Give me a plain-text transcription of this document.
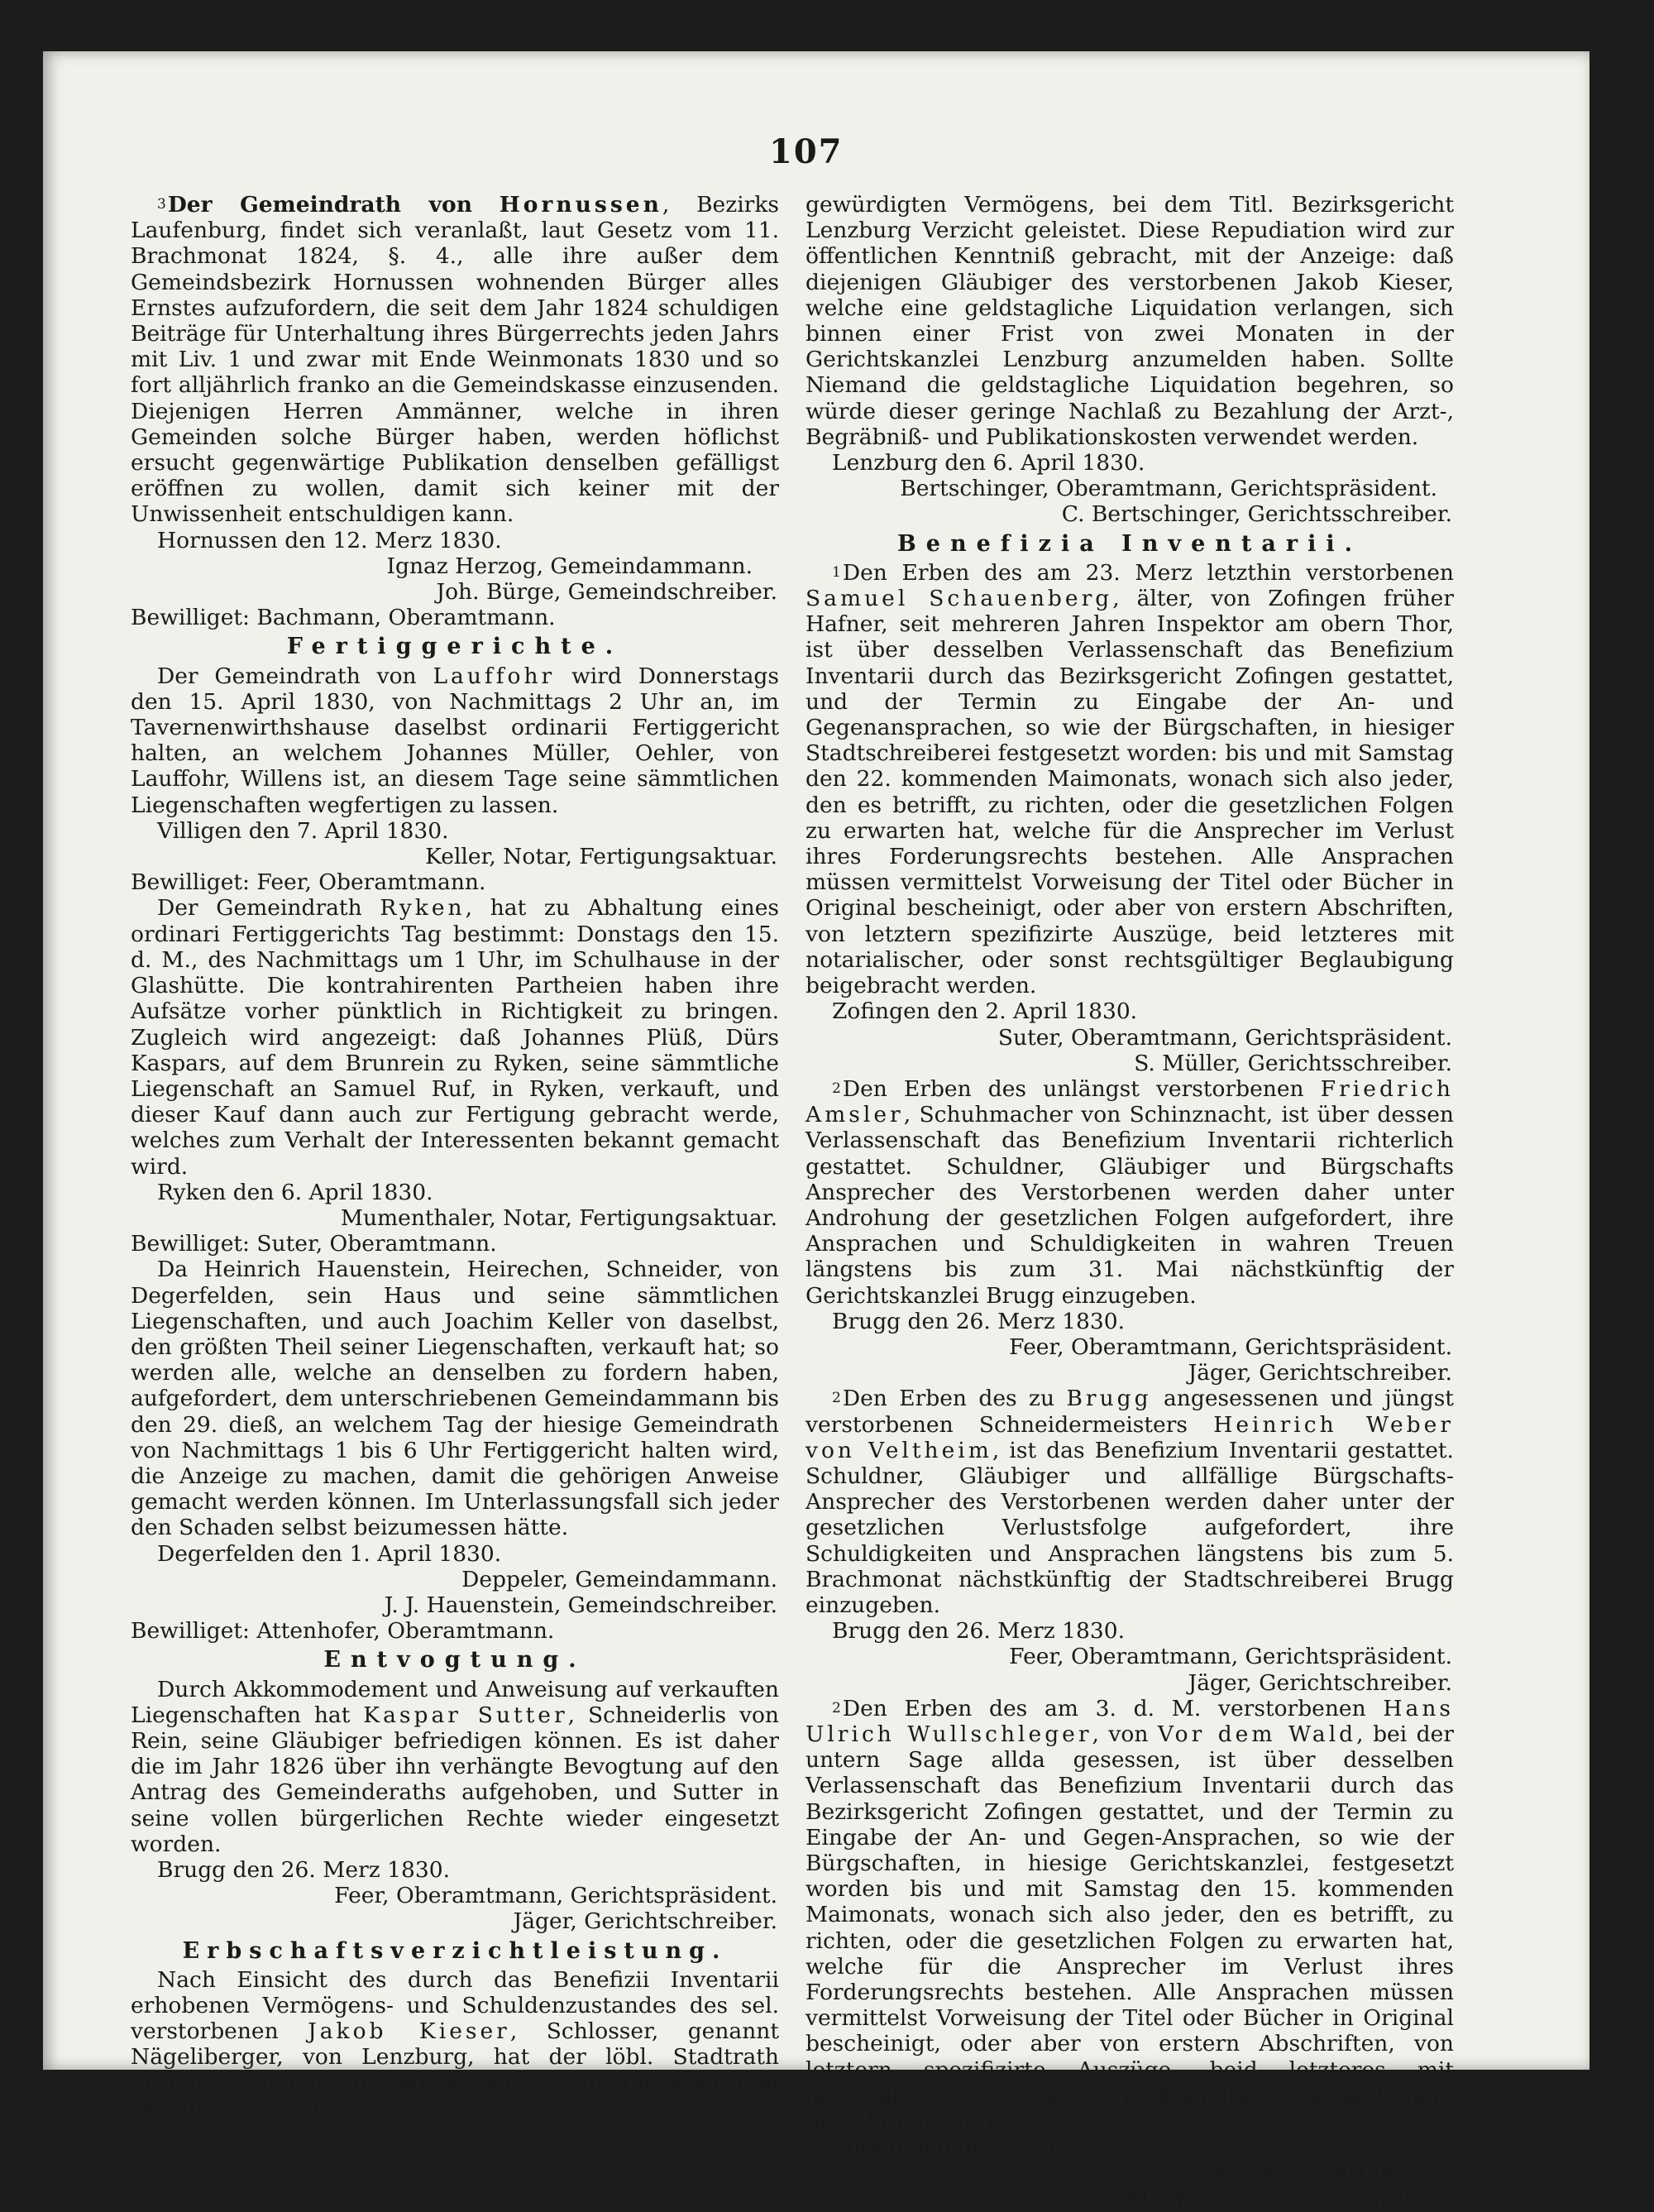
107

$^3$Der Gemeindrath von Hornussen, Bezirks Laufenburg, findet sich veranlaßt, laut Gesetz vom 11. Brachmonat 1824, §. 4., alle ihre außer dem Gemeindsbezirk Hornussen wohnenden Bürger alles Ernstes aufzufordern, die seit dem Jahr 1824 schuldigen Beiträge für Unterhaltung ihres Bürgerrechts jeden Jahrs mit Liv. 1 und zwar mit Ende Weinmonats 1830 und so fort alljährlich franko an die Gemeindskasse einzusenden. Diejenigen Herren Ammänner, welche in ihren Gemeinden solche Bürger haben, werden höflichst ersucht gegenwärtige Publikation denselben gefälligst eröffnen zu wollen, damit sich keiner mit der Unwissenheit entschuldigen kann.

Hornussen den 12. Merz 1830.

Ignaz Herzog, Gemeindammann.

Joh. Bürge, Gemeindschreiber.

Bewilliget: Bachmann, Oberamtmann.

Fertiggerichte.

Der Gemeindrath von Lauffohr wird Donnerstags den 15. April 1830, von Nachmittags 2 Uhr an, im Tavernenwirthshause daselbst ordinarii Fertiggericht halten, an welchem Johannes Müller, Oehler, von Lauffohr, Willens ist, an diesem Tage seine sämmtlichen Liegenschaften wegfertigen zu lassen.

Villigen den 7. April 1830.

Keller, Notar, Fertigungsaktuar.

Bewilliget: Feer, Oberamtmann.

Der Gemeindrath Ryken, hat zu Abhaltung eines ordinari Fertiggerichts Tag bestimmt: Donstags den 15. d. M., des Nachmittags um 1 Uhr, im Schulhause in der Glashütte. Die kontrahirenten Partheien haben ihre Aufsätze vorher pünktlich in Richtigkeit zu bringen. Zugleich wird angezeigt: daß Johannes Plüß, Dürs Kaspars, auf dem Brunrein zu Ryken, seine sämmtliche Liegenschaft an Samuel Ruf, in Ryken, verkauft, und dieser Kauf dann auch zur Fertigung gebracht werde, welches zum Verhalt der Interessenten bekannt gemacht wird.

Ryken den 6. April 1830.

Mumenthaler, Notar, Fertigungsaktuar.

Bewilliget: Suter, Oberamtmann.

Da Heinrich Hauenstein, Heirechen, Schneider, von Degerfelden, sein Haus und seine sämmtlichen Liegenschaften, und auch Joachim Keller von daselbst, den größten Theil seiner Liegenschaften, verkauft hat; so werden alle, welche an denselben zu fordern haben, aufgefordert, dem unterschriebenen Gemeindammann bis den 29. dieß, an welchem Tag der hiesige Gemeindrath von Nachmittags 1 bis 6 Uhr Fertiggericht halten wird, die Anzeige zu machen, damit die gehörigen Anweise gemacht werden können. Im Unterlassungsfall sich jeder den Schaden selbst beizumessen hätte.

Degerfelden den 1. April 1830.

Deppeler, Gemeindammann.

J. J. Hauenstein, Gemeindschreiber.

Bewilliget: Attenhofer, Oberamtmann.

Entvogtung.

Durch Akkommodement und Anweisung auf verkauften Liegenschaften hat Kaspar Sutter, Schneiderlis von Rein, seine Gläubiger befriedigen können. Es ist daher die im Jahr 1826 über ihn verhängte Bevogtung auf den Antrag des Gemeinderaths aufgehoben, und Sutter in seine vollen bürgerlichen Rechte wieder eingesetzt worden.

Brugg den 26. Merz 1830.

Feer, Oberamtmann, Gerichtspräsident.

Jäger, Gerichtschreiber.

Erbschaftsverzichtleistung.

Nach Einsicht des durch das Benefizii Inventarii erhobenen Vermögens- und Schuldenzustandes des sel. verstorbenen Jakob Kieser, Schlosser, genannt Nägeliberger, von Lenzburg, hat der löbl. Stadtrath daselbst, Namens der Wittwe Kieser, auf die Beerbung des auf Fr. 25, Btz. 5,

gewürdigten Vermögens, bei dem Titl. Bezirksgericht Lenzburg Verzicht geleistet. Diese Repudiation wird zur öffentlichen Kenntniß gebracht, mit der Anzeige: daß diejenigen Gläubiger des verstorbenen Jakob Kieser, welche eine geldstagliche Liquidation verlangen, sich binnen einer Frist von zwei Monaten in der Gerichtskanzlei Lenzburg anzumelden haben. Sollte Niemand die geldstagliche Liquidation begehren, so würde dieser geringe Nachlaß zu Bezahlung der Arzt-, Begräbniß- und Publikationskosten verwendet werden.

Lenzburg den 6. April 1830.

Bertschinger, Oberamtmann, Gerichtspräsident.

C. Bertschinger, Gerichtsschreiber.

Benefizia Inventarii.

$^1$Den Erben des am 23. Merz letzthin verstorbenen Samuel Schauenberg, älter, von Zofingen früher Hafner, seit mehreren Jahren Inspektor am obern Thor, ist über desselben Verlassenschaft das Benefizium Inventarii durch das Bezirksgericht Zofingen gestattet, und der Termin zu Eingabe der An- und Gegenansprachen, so wie der Bürgschaften, in hiesiger Stadtschreiberei festgesetzt worden: bis und mit Samstag den 22. kommenden Maimonats, wonach sich also jeder, den es betrifft, zu richten, oder die gesetzlichen Folgen zu erwarten hat, welche für die Ansprecher im Verlust ihres Forderungsrechts bestehen. Alle Ansprachen müssen vermittelst Vorweisung der Titel oder Bücher in Original bescheinigt, oder aber von erstern Abschriften, von letztern spezifizirte Auszüge, beid letzteres mit notarialischer, oder sonst rechtsgültiger Beglaubigung beigebracht werden.

Zofingen den 2. April 1830.

Suter, Oberamtmann, Gerichtspräsident.

S. Müller, Gerichtsschreiber.

$^2$Den Erben des unlängst verstorbenen Friedrich Amsler, Schuhmacher von Schinznacht, ist über dessen Verlassenschaft das Benefizium Inventarii richterlich gestattet. Schuldner, Gläubiger und Bürgschafts Ansprecher des Verstorbenen werden daher unter Androhung der gesetzlichen Folgen aufgefordert, ihre Ansprachen und Schuldigkeiten in wahren Treuen längstens bis zum 31. Mai nächstkünftig der Gerichtskanzlei Brugg einzugeben.

Brugg den 26. Merz 1830.

Feer, Oberamtmann, Gerichtspräsident.

Jäger, Gerichtschreiber.

$^2$Den Erben des zu Brugg angesessenen und jüngst verstorbenen Schneidermeisters Heinrich Weber von Veltheim, ist das Benefizium Inventarii gestattet. Schuldner, Gläubiger und allfällige Bürgschafts-Ansprecher des Verstorbenen werden daher unter der gesetzlichen Verlustsfolge aufgefordert, ihre Schuldigkeiten und Ansprachen längstens bis zum 5. Brachmonat nächstkünftig der Stadtschreiberei Brugg einzugeben.

Brugg den 26. Merz 1830.

Feer, Oberamtmann, Gerichtspräsident.

Jäger, Gerichtschreiber.

$^2$Den Erben des am 3. d. M. verstorbenen Hans Ulrich Wullschleger, von Vor dem Wald, bei der untern Sage allda gesessen, ist über desselben Verlassenschaft das Benefizium Inventarii durch das Bezirksgericht Zofingen gestattet, und der Termin zu Eingabe der An- und Gegen-Ansprachen, so wie der Bürgschaften, in hiesige Gerichtskanzlei, festgesetzt worden bis und mit Samstag den 15. kommenden Maimonats, wonach sich also jeder, den es betrifft, zu richten, oder die gesetzlichen Folgen zu erwarten hat, welche für die Ansprecher im Verlust ihres Forderungsrechts bestehen. Alle Ansprachen müssen vermittelst Vorweisung der Titel oder Bücher in Original bescheinigt, oder aber von erstern Abschriften, von letztern spezifizirte Auszüge, beid letzteres mit notarialischer oder sonst rechtsgültiger Beglaubigung beigebracht werden.

Zofingen den 26. Merz 1830.

Suter, Amtsstatthalter.

Sl. Müller, Gerichtsschreiber.
